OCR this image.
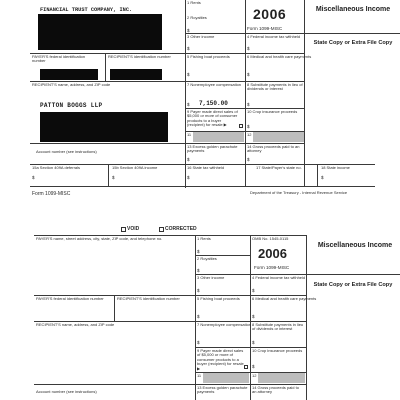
FINANCIAL TRUST COMPANY, INC.
1 Rents
2 Royalties
$
2006
Form 1099-MISC
Miscellaneous Income
3 Other income	4 Federal income tax withheld
$	$
State Copy or Extra File Copy
PAYER'S federal identification number
RECIPIENT'S identification number	5 Fishing boat proceeds	6 Medical and health care payments
$	$
RECIPIENT'S name, address, and ZIP code
PATTON BOGGS LLP
7 Nonemployee compensation
7,150.00
$
8 Substitute payments in lieu of dividends or interest
$
9 Payer made direct sales of $5,000 or more of consumer products to a buyer (recipient) for resale ▶
10 Crop insurance proceeds
$
11	12
Account number (see instructions)
13 Excess golden parachute payments
14 Gross proceeds paid to an attorney
$	$
15a Section 409A deferrals	15b Section 409A income	16 State tax withheld	17 State/Payer's state no.	18 State income
$	$	$	$
Form 1099-MISC	Department of the Treasury - Internal Revenue Service
VOID	CORRECTED
PAYER'S name, street address, city, state, ZIP code, and telephone no.	1 Rents
$
OMB No. 1545-0115
2006
Form 1099-MISC
Miscellaneous Income
2 Royalties
$
3 Other income	4 Federal income tax withheld
$	$
State Copy or Extra File Copy
PAYER'S federal identification number	RECIPIENT'S identification number	5 Fishing boat proceeds	6 Medical and health care payments
$	$
RECIPIENT'S name, address, and ZIP code	7 Nonemployee compensation 8 Substitute payments in lieu of dividends or interest
$	$
9 Payer made direct sales of $5,000 or more of consumer products to a buyer (recipient) for resale ▶
10 Crop insurance proceeds
$
11	12
Account number (see instructions)
13 Excess golden parachute payments
14 Gross proceeds paid to an attorney
